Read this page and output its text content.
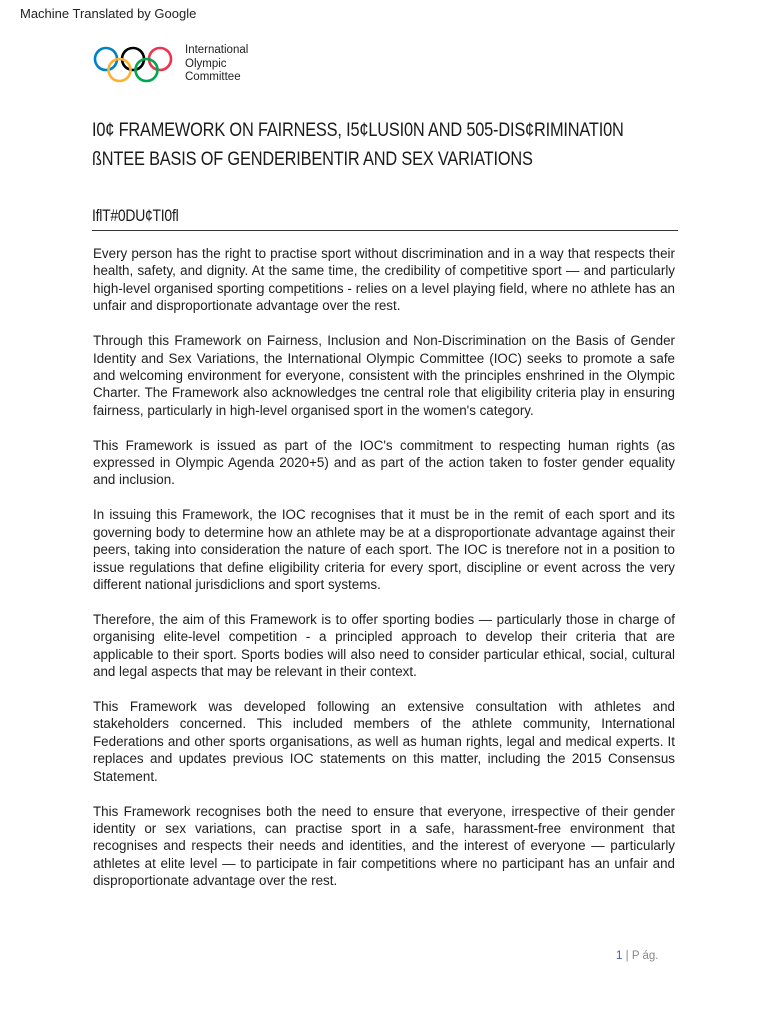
Machine Translated by Google
International
Olympic
Committee
I0¢ FRAMEWORK ON FAIRNESS, I5¢LUSI0N AND 505-DIS¢RIMINATI0N
ßNTEE BASIS OF GENDERIBENTIR AND SEX VARIATIONS
IflT#0DU¢TI0fl

Every person has the right to practise sport without discrimination and in a way that respects their health, safety, and dignity. At the same time, the credibility of competitive sport — and particularly high-level organised sporting competitions - relies on a level playing field, where no athlete has an unfair and disproportionate advantage over the rest.

Through this Framework on Fairness, Inclusion and Non-Discrimination on the Basis of Gender Identity and Sex Variations, the International Olympic Committee (IOC) seeks to promote a safe and welcoming environment for everyone, consistent with the principles enshrined in the Olympic Charter. The Framework also acknowledges tne central role that eligibility criteria play in ensuring fairness, particularly in high-level organised sport in the women's category.

This Framework is issued as part of the IOC's commitment to respecting human rights (as expressed in Olympic Agenda 2020+5) and as part of the action taken to foster gender equality and inclusion.

In issuing this Framework, the IOC recognises that it must be in the remit of each sport and its governing body to determine how an athlete may be at a disproportionate advantage against their peers, taking into consideration the nature of each sport. The IOC is tnerefore not in a position to issue regulations that define eligibility criteria for every sport, discipline or event across the very different national jurisdiclions and sport systems.

Therefore, the aim of this Framework is to offer sporting bodies — particularly those in charge of organising elite-level competition - a principled approach to develop their criteria that are applicable to their sport. Sports bodies will also need to consider particular ethical, social, cultural and legal aspects that may be relevant in their context.

This Framework was developed following an extensive consultation with athletes and stakeholders concerned. This included members of the athlete community, International Federations and other sports organisations, as well as human rights, legal and medical experts. It replaces and updates previous IOC statements on this matter, including the 2015 Consensus Statement.

This Framework recognises both the need to ensure that everyone, irrespective of their gender identity or sex variations, can practise sport in a safe, harassment-free environment that recognises and respects their needs and identities, and the interest of everyone — particularly athletes at elite level — to participate in fair competitions where no participant has an unfair and disproportionate advantage over the rest.

1 | P ág.
